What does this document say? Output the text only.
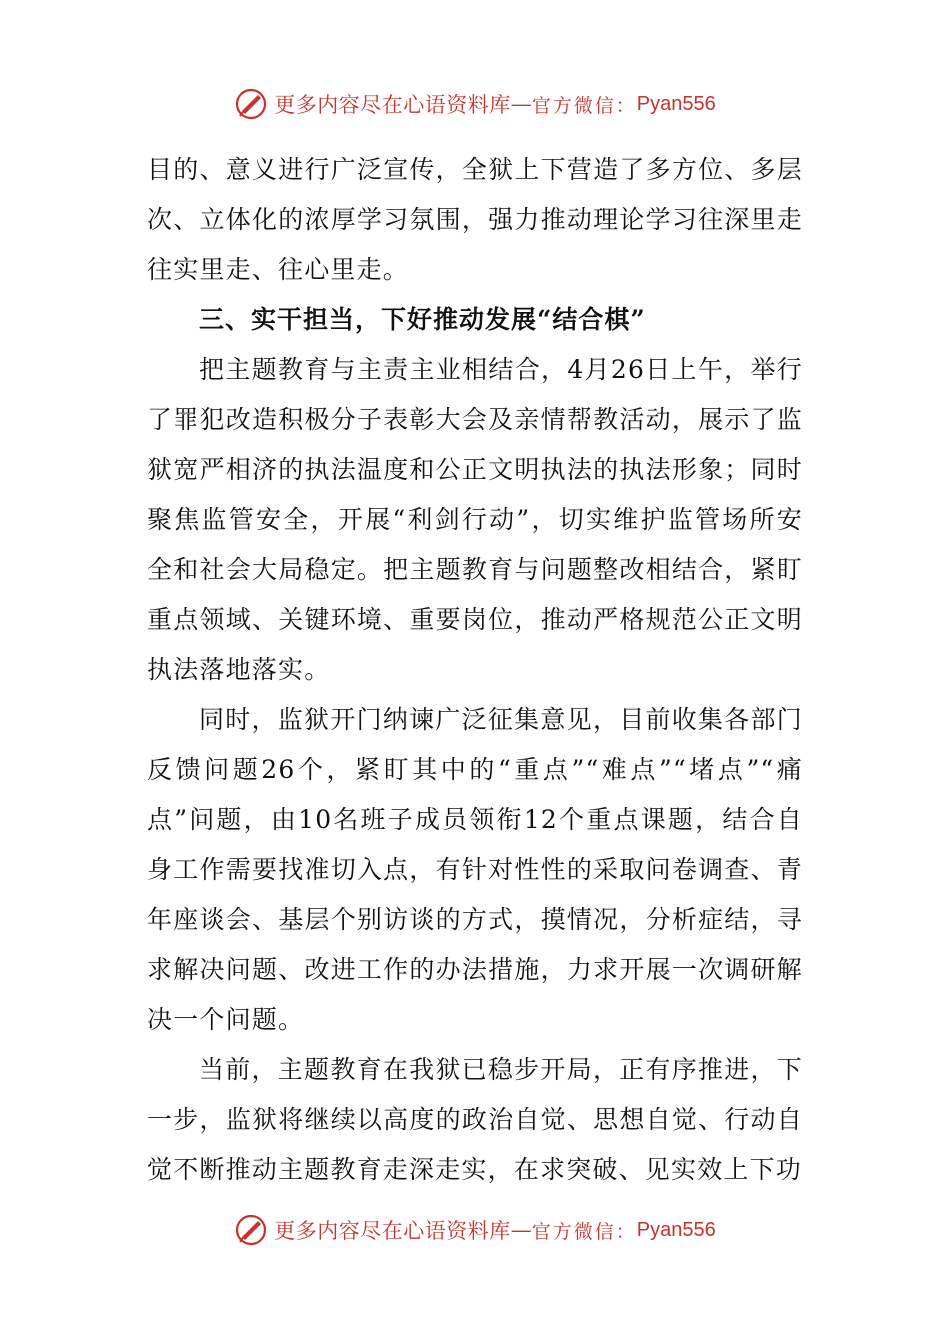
更多内容尽在心语资料库 — 官方微信： Pyan556

目的、意义进行广泛宣传，全狱上下营造了多方位、多层次、立体化的浓厚学习氛围，强力推动理论学习往深里走往实里走、往心里走。

三、实干担当，下好推动发展“结合棋”

把主题教育与主责主业相结合，4月26日上午，举行了罪犯改造积极分子表彰大会及亲情帮教活动，展示了监狱宽严相济的执法温度和公正文明执法的执法形象；同时聚焦监管安全，开展“利剑行动”，切实维护监管场所安全和社会大局稳定。把主题教育与问题整改相结合，紧盯重点领域、关键环境、重要岗位，推动严格规范公正文明执法落地落实。

同时，监狱开门纳谏广泛征集意见，目前收集各部门反馈问题26个，紧盯其中的“重点”“难点”“堵点”“痛点”问题，由10名班子成员领衔12个重点课题，结合自身工作需要找准切入点，有针对性性的采取问卷调查、青年座谈会、基层个别访谈的方式，摸情况，分析症结，寻求解决问题、改进工作的办法措施，力求开展一次调研解决一个问题。

当前，主题教育在我狱已稳步开局，正有序推进，下一步，监狱将继续以高度的政治自觉、思想自觉、行动自觉不断推动主题教育走深走实，在求突破、见实效上下功

更多内容尽在心语资料库 — 官方微信： Pyan556
